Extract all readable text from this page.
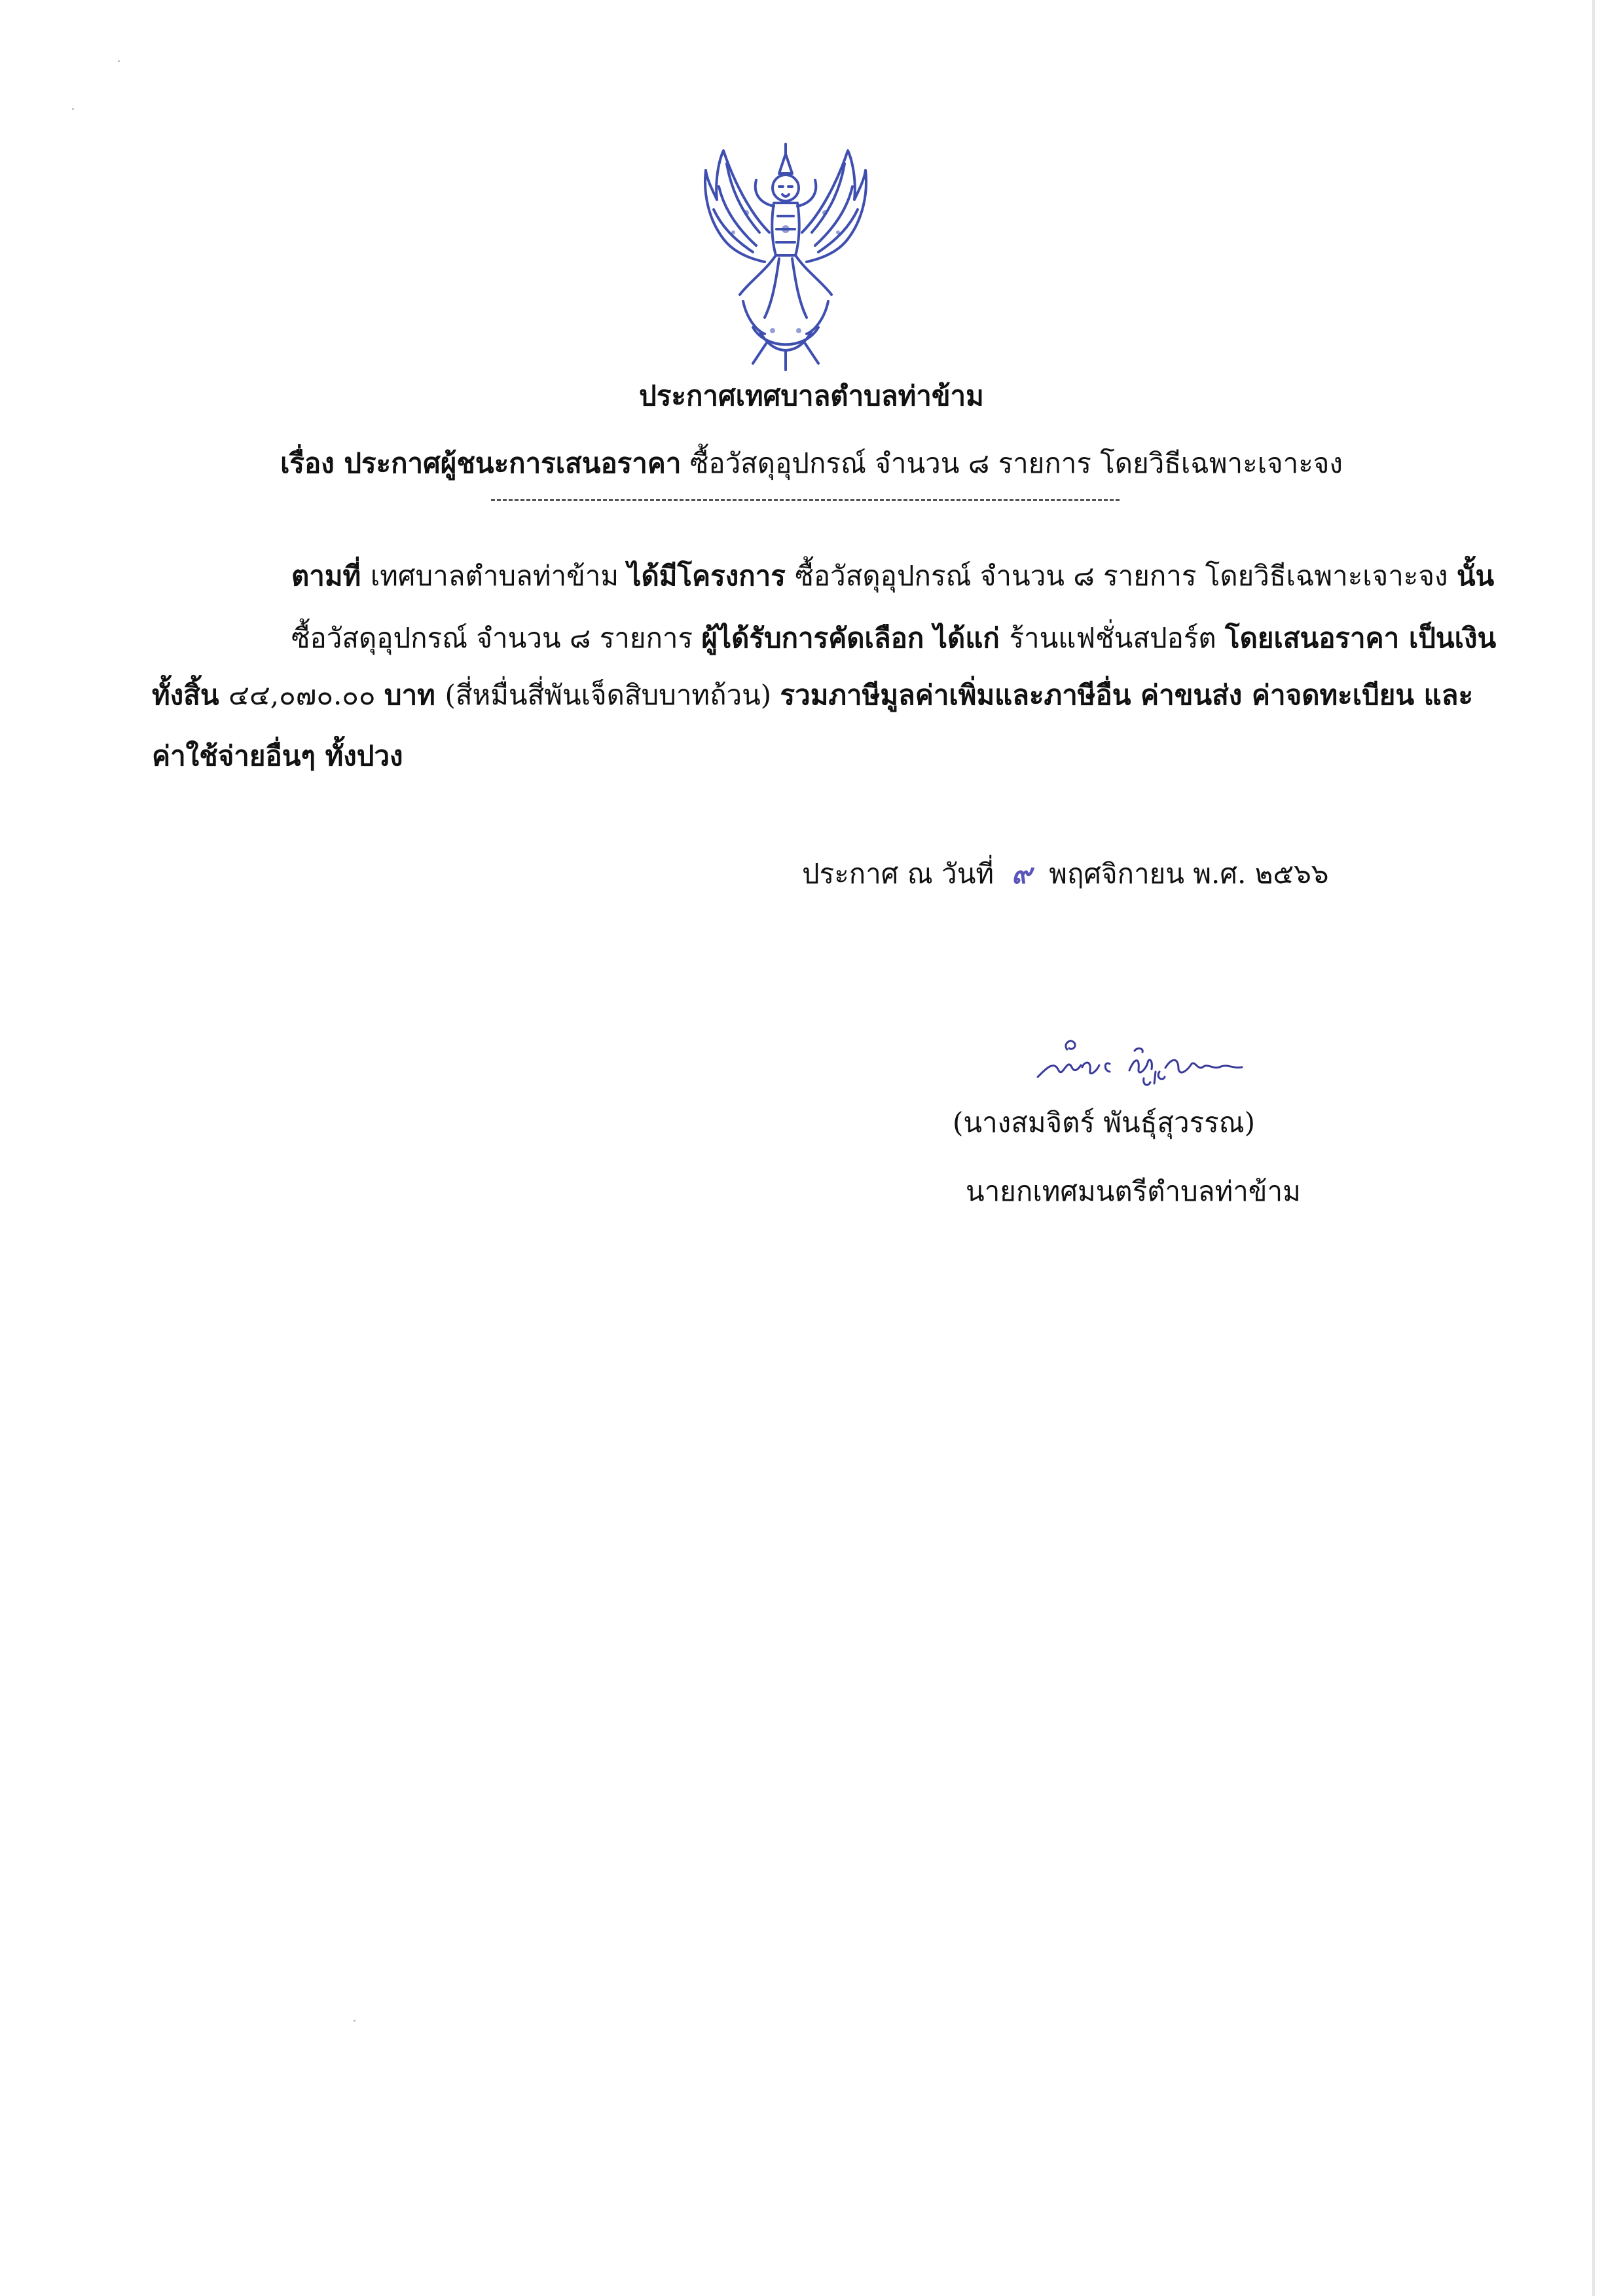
ประกาศเทศบาลตำบลท่าข้าม
เรื่อง ประกาศผู้ชนะการเสนอราคา ซื้อวัสดุอุปกรณ์ จำนวน ๘ รายการ โดยวิธีเฉพาะเจาะจง
ตามที่ เทศบาลตำบลท่าข้าม ได้มีโครงการ ซื้อวัสดุอุปกรณ์ จำนวน ๘ รายการ โดยวิธีเฉพาะเจาะจง นั้น
ซื้อวัสดุอุปกรณ์ จำนวน ๘ รายการ ผู้ได้รับการคัดเลือก ได้แก่ ร้านแฟชั่นสปอร์ต โดยเสนอราคา เป็นเงิน
ทั้งสิ้น ๔๔,๐๗๐.๐๐ บาท (สี่หมื่นสี่พันเจ็ดสิบบาทถ้วน) รวมภาษีมูลค่าเพิ่มและภาษีอื่น ค่าขนส่ง ค่าจดทะเบียน และ
ค่าใช้จ่ายอื่นๆ ทั้งปวง
ประกาศ ณ วันที่ ๙ พฤศจิกายน พ.ศ. ๒๕๖๖
(นางสมจิตร์ พันธุ์สุวรรณ)
นายกเทศมนตรีตำบลท่าข้าม
